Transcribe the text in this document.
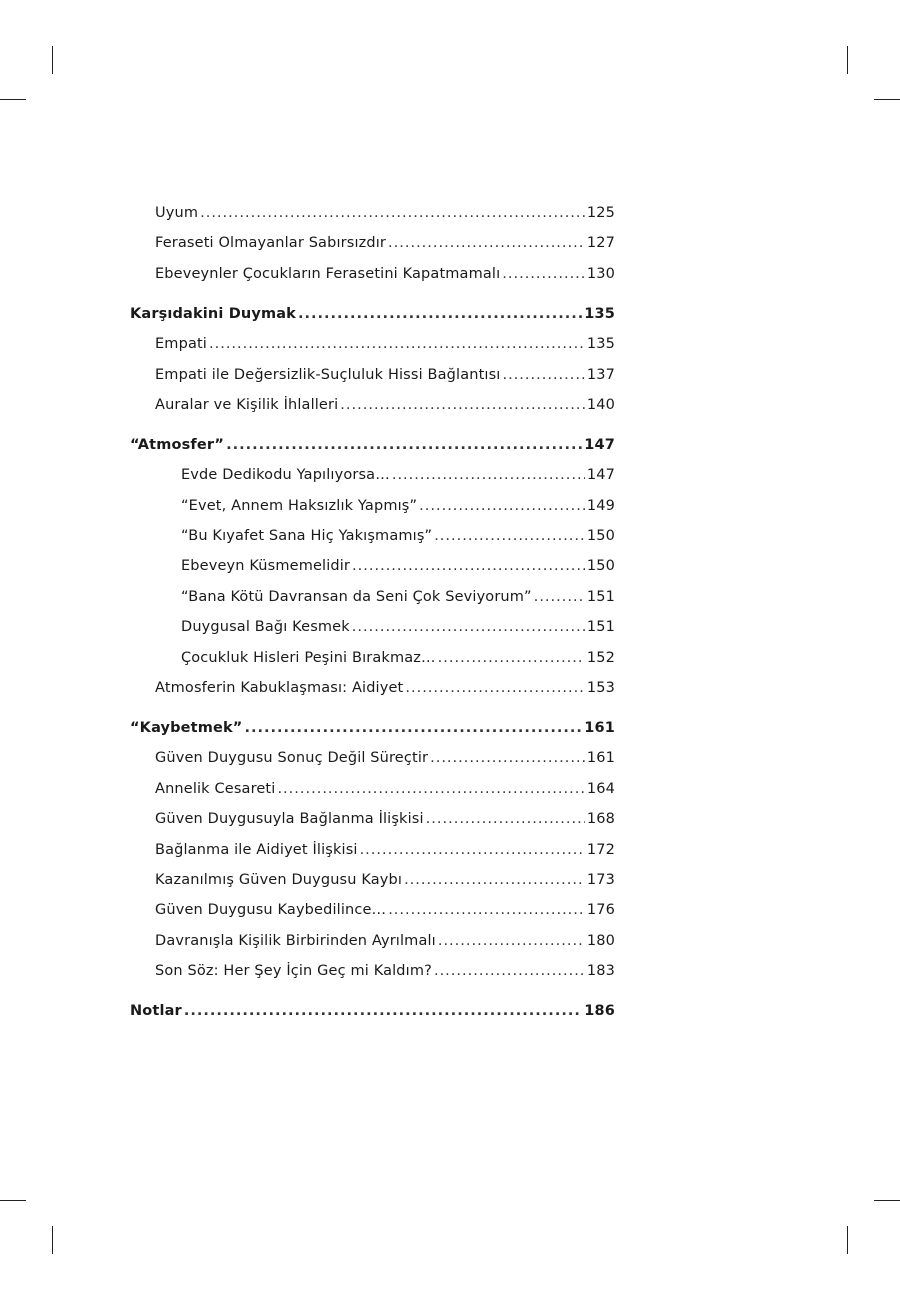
Uyum .....	125
Feraseti Olmayanlar Sabırsızdır .....	127
Ebeveynler Çocukların Ferasetini Kapatmamalı .....	130
Karşıdakini Duymak .....	135
Empati .....	135
Empati ile Değersizlik-Suçluluk Hissi Bağlantısı .....	137
Auralar ve Kişilik İhlalleri .....	140
“Atmosfer” .....	147
Evde Dedikodu Yapılıyorsa… .....	147
“Evet, Annem Haksızlık Yapmış” .....	149
“Bu Kıyafet Sana Hiç Yakışmamış” .....	150
Ebeveyn Küsmemelidir .....	150
“Bana Kötü Davransan da Seni Çok Seviyorum” .....	151
Duygusal Bağı Kesmek .....	151
Çocukluk Hisleri Peşini Bırakmaz… .....	152
Atmosferin Kabuklaşması: Aidiyet .....	153
“Kaybetmek” .....	161
Güven Duygusu Sonuç Değil Süreçtir .....	161
Annelik Cesareti .....	164
Güven Duygusuyla Bağlanma İlişkisi .....	168
Bağlanma ile Aidiyet İlişkisi .....	172
Kazanılmış Güven Duygusu Kaybı .....	173
Güven Duygusu Kaybedilince… .....	176
Davranışla Kişilik Birbirinden Ayrılmalı .....	180
Son Söz: Her Şey İçin Geç mi Kaldım? .....	183
Notlar .....	186
